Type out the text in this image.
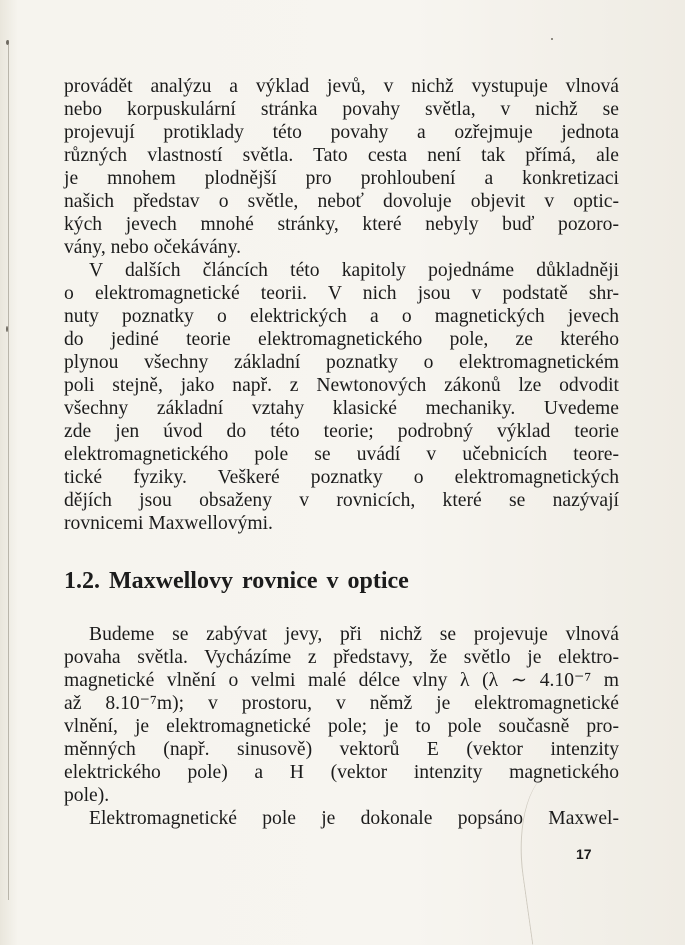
provádět analýzu a výklad jevů, v nichž vystupuje vlnová
nebo korpuskulární stránka povahy světla, v nichž se
projevují protiklady této povahy a ozřejmuje jednota
různých vlastností světla. Tato cesta není tak přímá, ale
je mnohem plodnější pro prohloubení a konkretizaci
našich představ o světle, neboť dovoluje objevit v optic-
kých jevech mnohé stránky, které nebyly buď pozoro-
vány, nebo očekávány.
V dalších článcích této kapitoly pojednáme důkladněji
o elektromagnetické teorii. V nich jsou v podstatě shr-
nuty poznatky o elektrických a o magnetických jevech
do jediné teorie elektromagnetického pole, ze kterého
plynou všechny základní poznatky o elektromagnetickém
poli stejně, jako např. z Newtonových zákonů lze odvodit
všechny základní vztahy klasické mechaniky. Uvedeme
zde jen úvod do této teorie; podrobný výklad teorie
elektromagnetického pole se uvádí v učebnicích teore-
tické fyziky. Veškeré poznatky o elektromagnetických
dějích jsou obsaženy v rovnicích, které se nazývají
rovnicemi Maxwellovými.
1.2. Maxwellovy rovnice v optice
Budeme se zabývat jevy, při nichž se projevuje vlnová
povaha světla. Vycházíme z představy, že světlo je elektro-
magnetické vlnění o velmi malé délce vlny λ (λ ∼ 4.10⁻⁷ m
až 8.10⁻⁷m); v prostoru, v němž je elektromagnetické
vlnění, je elektromagnetické pole; je to pole současně pro-
měnných (např. sinusově) vektorů E (vektor intenzity
elektrického pole) a H (vektor intenzity magnetického
pole).
Elektromagnetické pole je dokonale popsáno Maxwel-
17
